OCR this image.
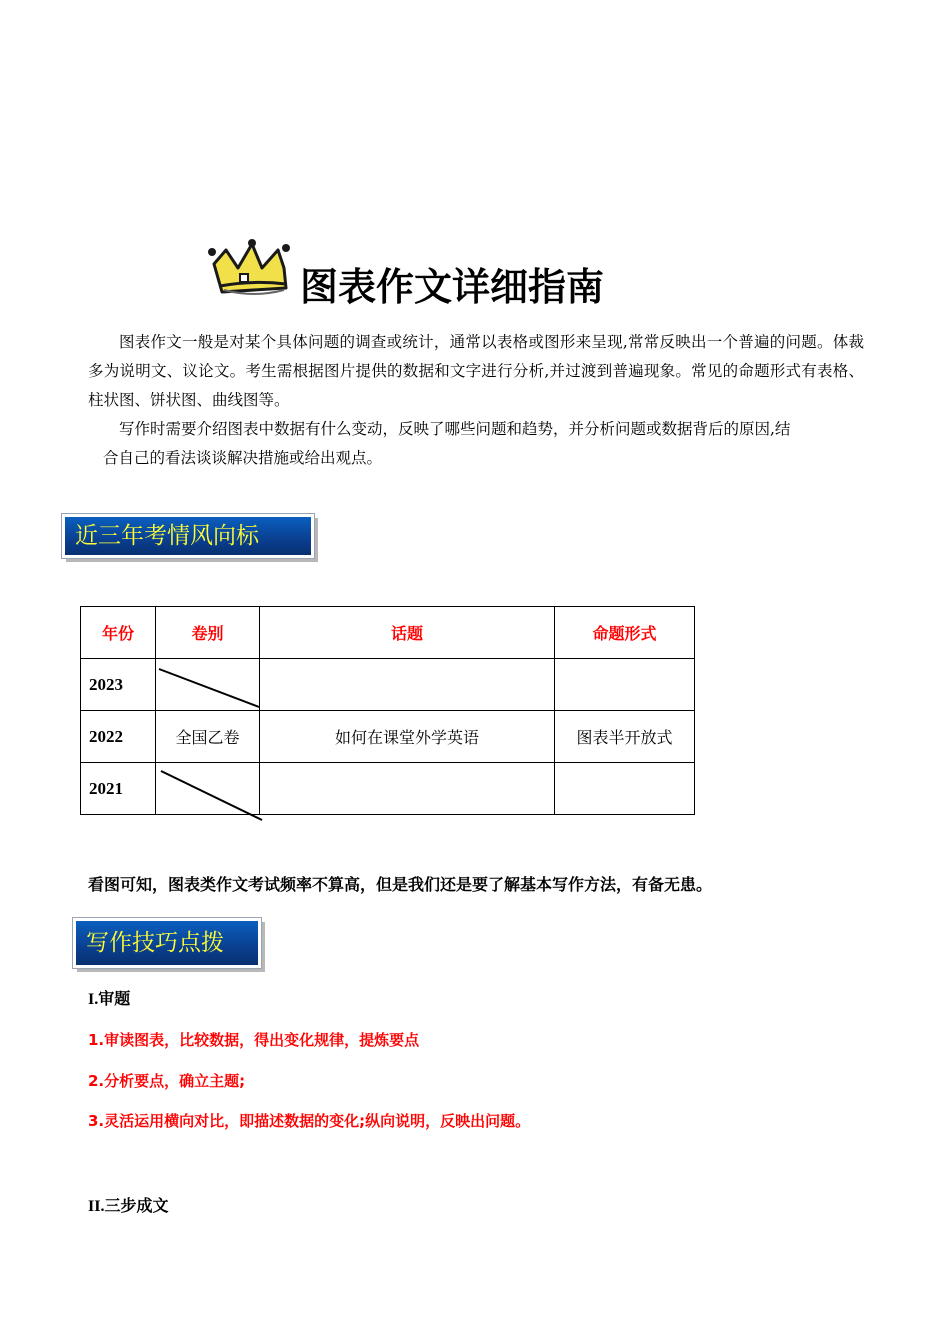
图表作文详细指南
图表作文一般是对某个具体问题的调查或统计，通常以表格或图形来呈现,常常反映出一个普遍的问题。体裁多为说明文、议论文。考生需根据图片提供的数据和文字进行分析,并过渡到普遍现象。常见的命题形式有表格、柱状图、饼状图、曲线图等。
写作时需要介绍图表中数据有什么变动，反映了哪些问题和趋势，并分析问题或数据背后的原因,结
合自己的看法谈谈解决措施或给出观点。
近三年考情风向标
年份	卷别	话题	命题形式
2023	

2022	全国乙卷	如何在课堂外学英语	图表半开放式
2021	

看图可知，图表类作文考试频率不算高，但是我们还是要了解基本写作方法，有备无患。
写作技巧点拨
I.审题
1.审读图表，比较数据，得出变化规律，提炼要点
2.分析要点，确立主题;
3.灵活运用横向对比，即描述数据的变化;纵向说明，反映出问题。
II.三步成文
